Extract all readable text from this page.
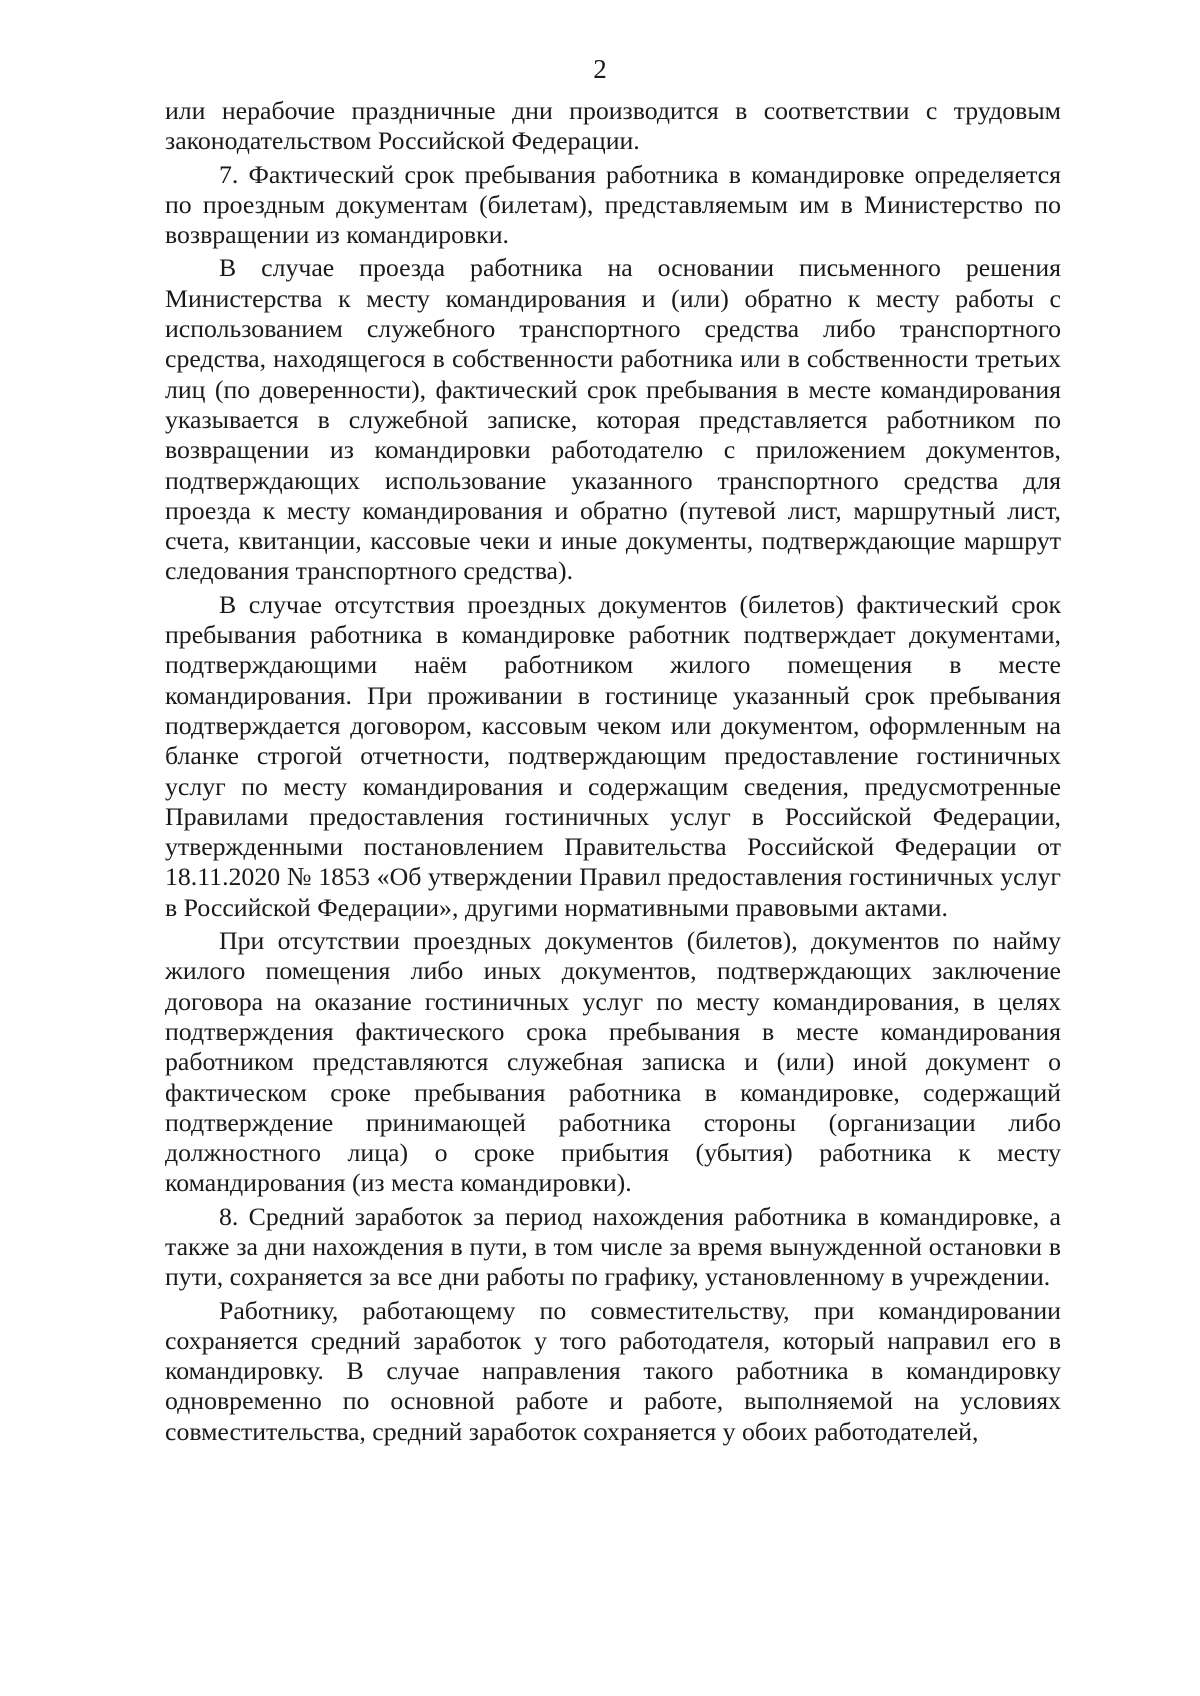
2

или нерабочие праздничные дни производится в соответствии с трудовым законодательством Российской Федерации.

7. Фактический срок пребывания работника в командировке определяется по проездным документам (билетам), представляемым им в Министерство по возвращении из командировки.

В случае проезда работника на основании письменного решения Министерства к месту командирования и (или) обратно к месту работы с использованием служебного транспортного средства либо транспортного средства, находящегося в собственности работника или в собственности третьих лиц (по доверенности), фактический срок пребывания в месте командирования указывается в служебной записке, которая представляется работником по возвращении из командировки работодателю с приложением документов, подтверждающих использование указанного транспортного средства для проезда к месту командирования и обратно (путевой лист, маршрутный лист, счета, квитанции, кассовые чеки и иные документы, подтверждающие маршрут следования транспортного средства).

В случае отсутствия проездных документов (билетов) фактический срок пребывания работника в командировке работник подтверждает документами, подтверждающими наём работником жилого помещения в месте командирования. При проживании в гостинице указанный срок пребывания подтверждается договором, кассовым чеком или документом, оформленным на бланке строгой отчетности, подтверждающим предоставление гостиничных услуг по месту командирования и содержащим сведения, предусмотренные Правилами предоставления гостиничных услуг в Российской Федерации, утвержденными постановлением Правительства Российской Федерации от 18.11.2020 № 1853 «Об утверждении Правил предоставления гостиничных услуг в Российской Федерации», другими нормативными правовыми актами.

При отсутствии проездных документов (билетов), документов по найму жилого помещения либо иных документов, подтверждающих заключение договора на оказание гостиничных услуг по месту командирования, в целях подтверждения фактического срока пребывания в месте командирования работником представляются служебная записка и (или) иной документ о фактическом сроке пребывания работника в командировке, содержащий подтверждение принимающей работника стороны (организации либо должностного лица) о сроке прибытия (убытия) работника к месту командирования (из места командировки).

8. Средний заработок за период нахождения работника в командировке, а также за дни нахождения в пути, в том числе за время вынужденной остановки в пути, сохраняется за все дни работы по графику, установленному в учреждении.

Работнику, работающему по совместительству, при командировании сохраняется средний заработок у того работодателя, который направил его в командировку. В случае направления такого работника в командировку одновременно по основной работе и работе, выполняемой на условиях совместительства, средний заработок сохраняется у обоих работодателей,
